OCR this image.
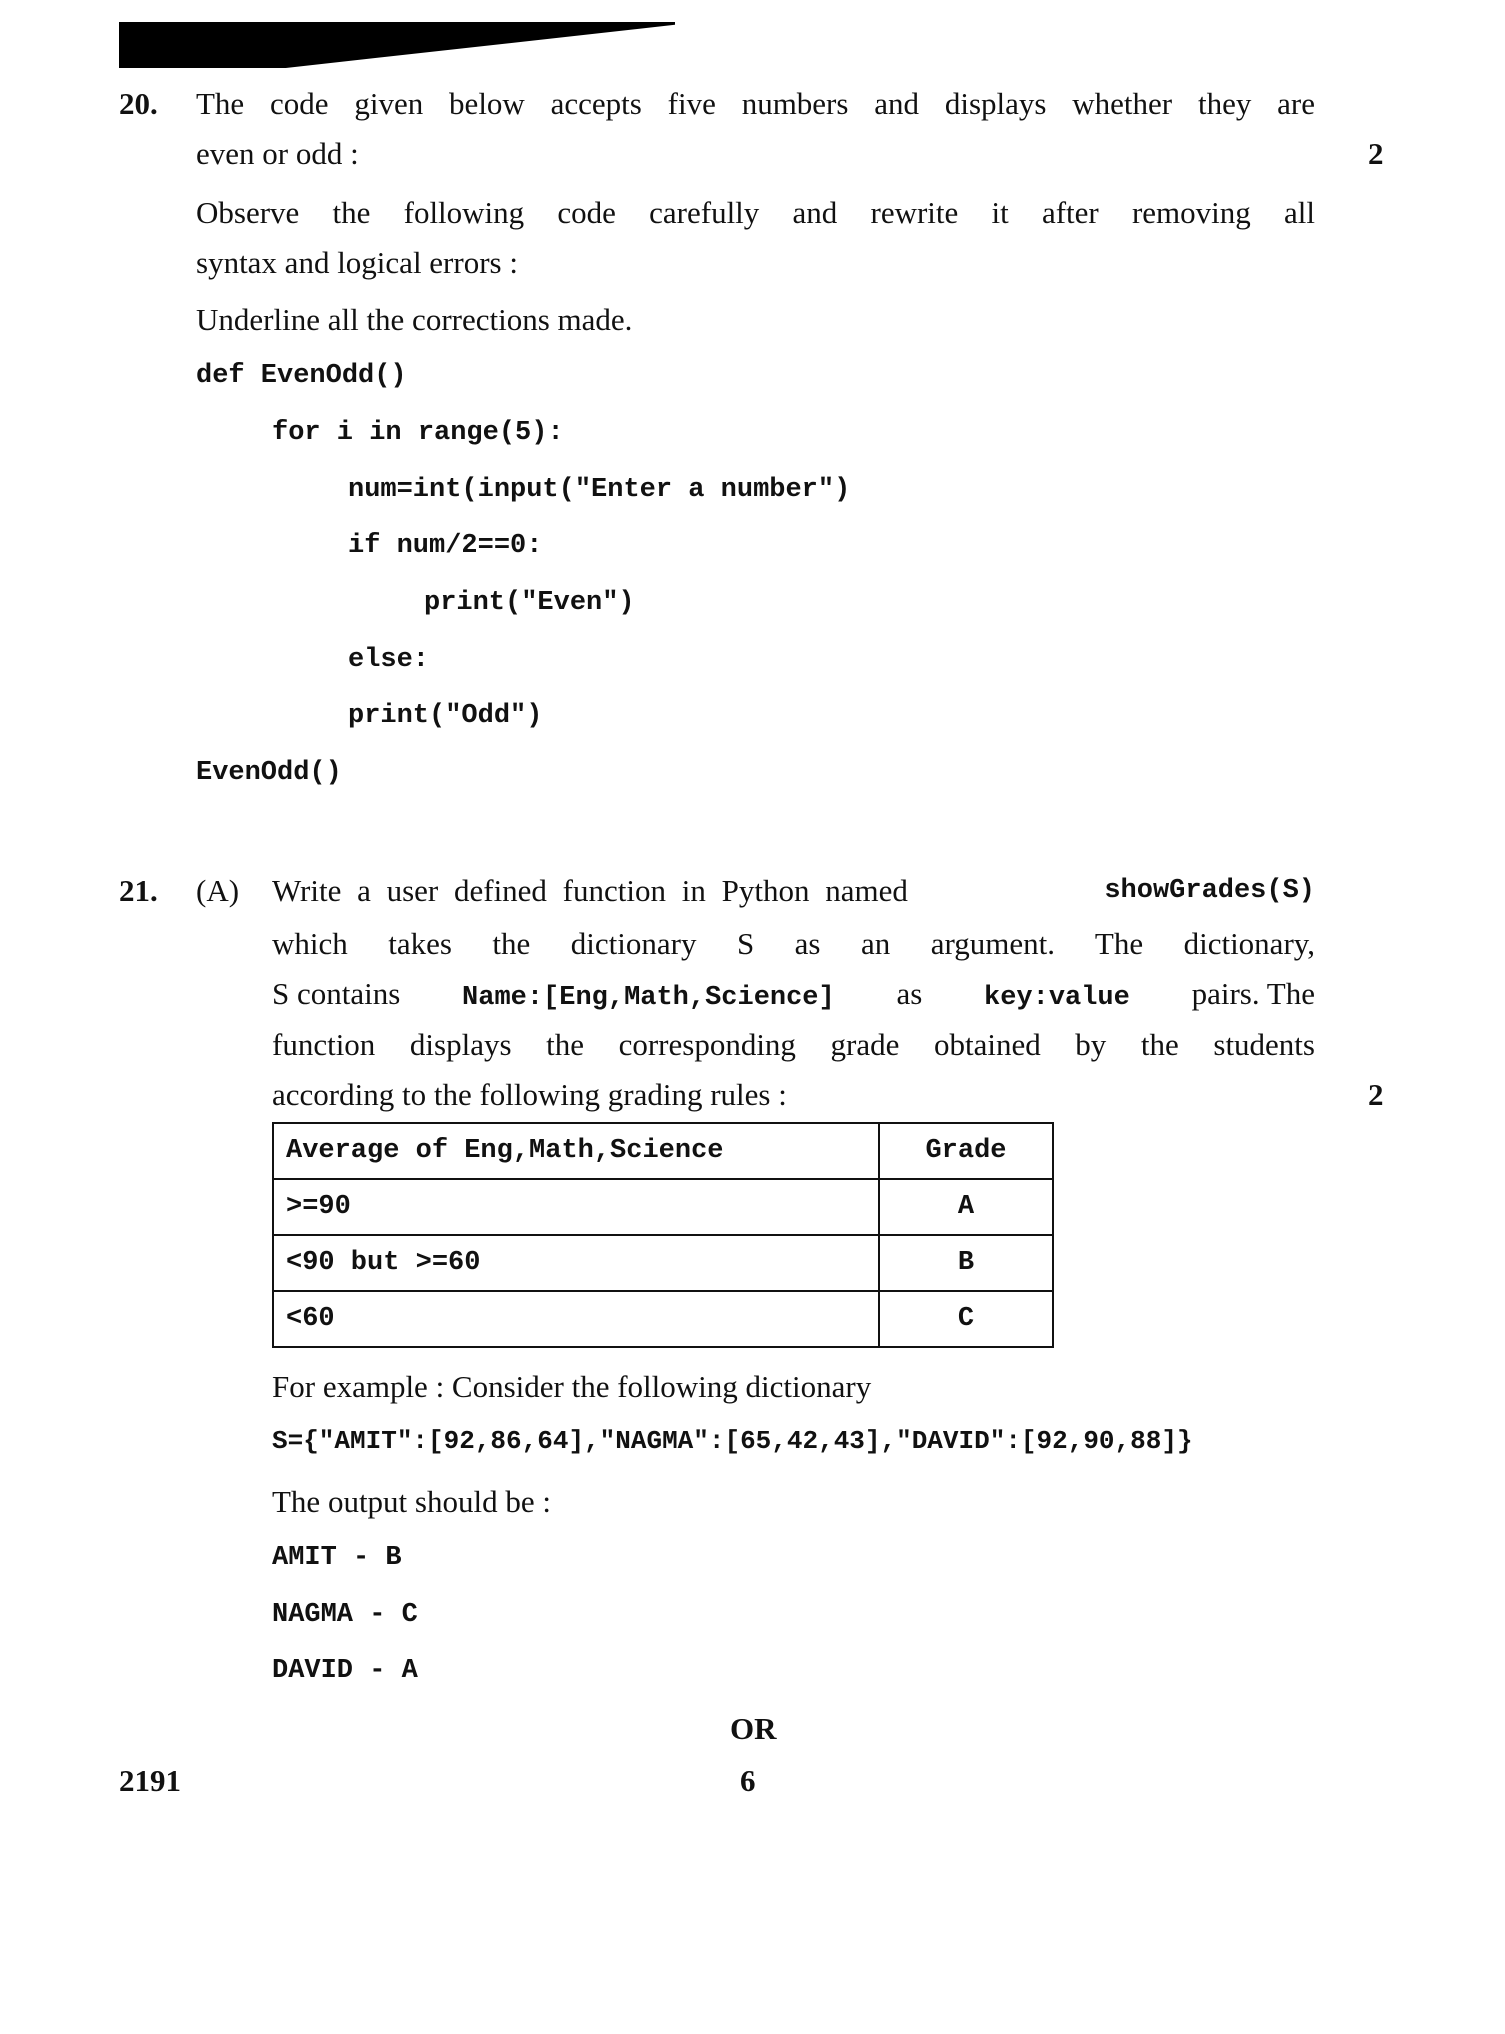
20. The code given below accepts five numbers and displays whether they are
even or odd :	2
Observe the following code carefully and rewrite it after removing all
syntax and logical errors :
Underline all the corrections made.
def EvenOdd()
for i in range(5):
num=int(input("Enter a number")
if num/2==0:
print("Even")
else:
print("Odd")
EvenOdd()
21. (A) Write a user defined function in Python named	showGrades(S)
which takes the dictionary S as an argument. The dictionary,
S contains Name:[Eng,Math,Science] as key:value pairs. The
function displays the corresponding grade obtained by the students
according to the following grading rules :	2
Average of Eng,Math,Science	Grade
>=90	A
<90 but >=60	B
<60	C
For example : Consider the following dictionary
S={"AMIT":[92,86,64],"NAGMA":[65,42,43],"DAVID":[92,90,88]}
The output should be :
AMIT - B
NAGMA - C
DAVID - A
OR
2191	6
